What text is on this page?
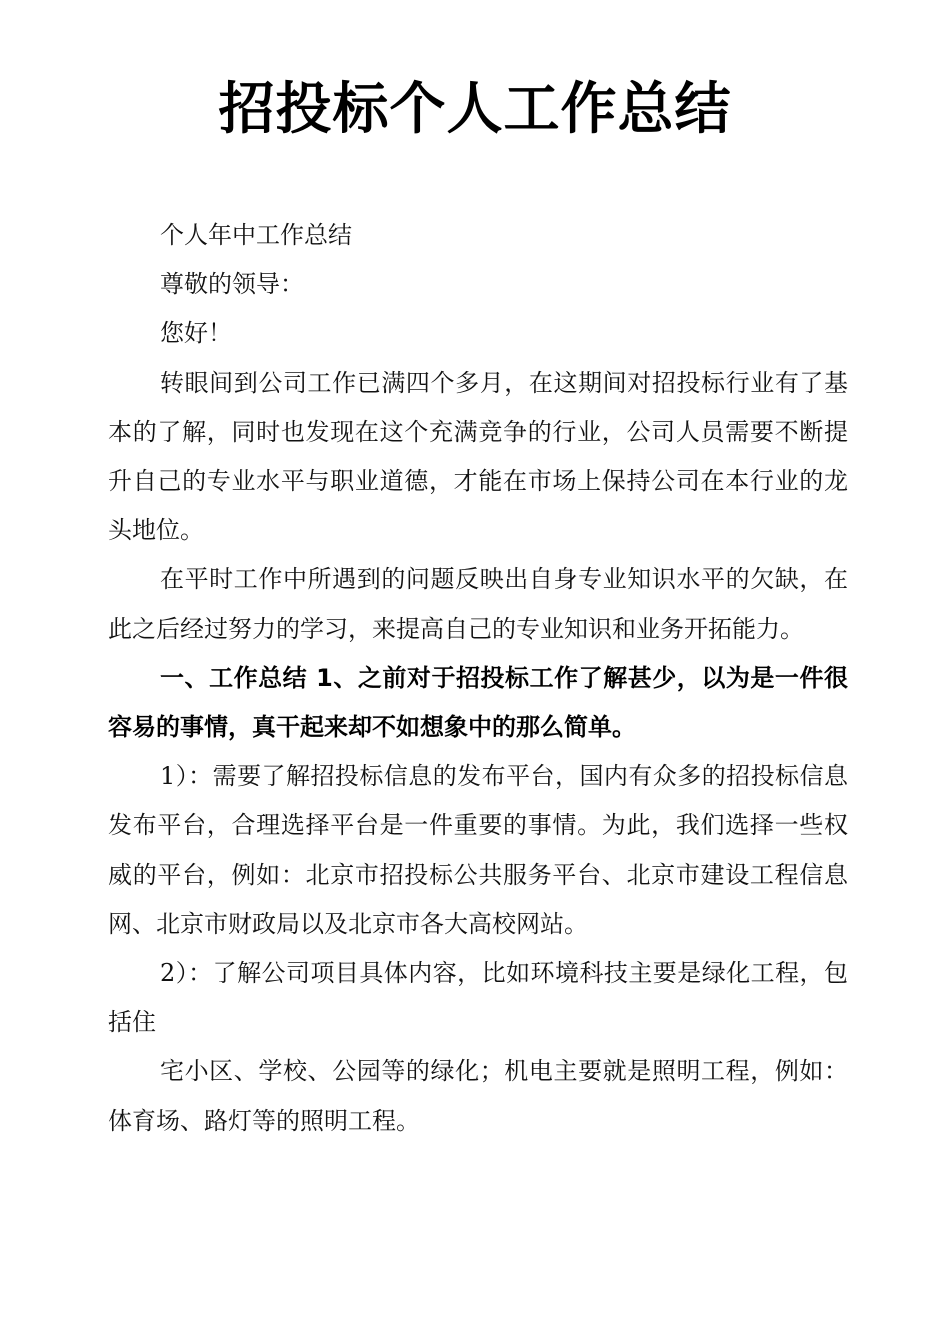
招投标个人工作总结

个人年中工作总结

尊敬的领导：

您好！

转眼间到公司工作已满四个多月，在这期间对招投标行业有了基本的了解，同时也发现在这个充满竞争的行业，公司人员需要不断提升自己的专业水平与职业道德，才能在市场上保持公司在本行业的龙头地位。

在平时工作中所遇到的问题反映出自身专业知识水平的欠缺，在此之后经过努力的学习，来提高自己的专业知识和业务开拓能力。

一、工作总结 1、之前对于招投标工作了解甚少，以为是一件很容易的事情，真干起来却不如想象中的那么简单。

1）：需要了解招投标信息的发布平台，国内有众多的招投标信息发布平台，合理选择平台是一件重要的事情。为此，我们选择一些权威的平台，例如：北京市招投标公共服务平台、北京市建设工程信息网、北京市财政局以及北京市各大高校网站。

2）：了解公司项目具体内容，比如环境科技主要是绿化工程，包括住

宅小区、学校、公园等的绿化；机电主要就是照明工程，例如：体育场、路灯等的照明工程。
